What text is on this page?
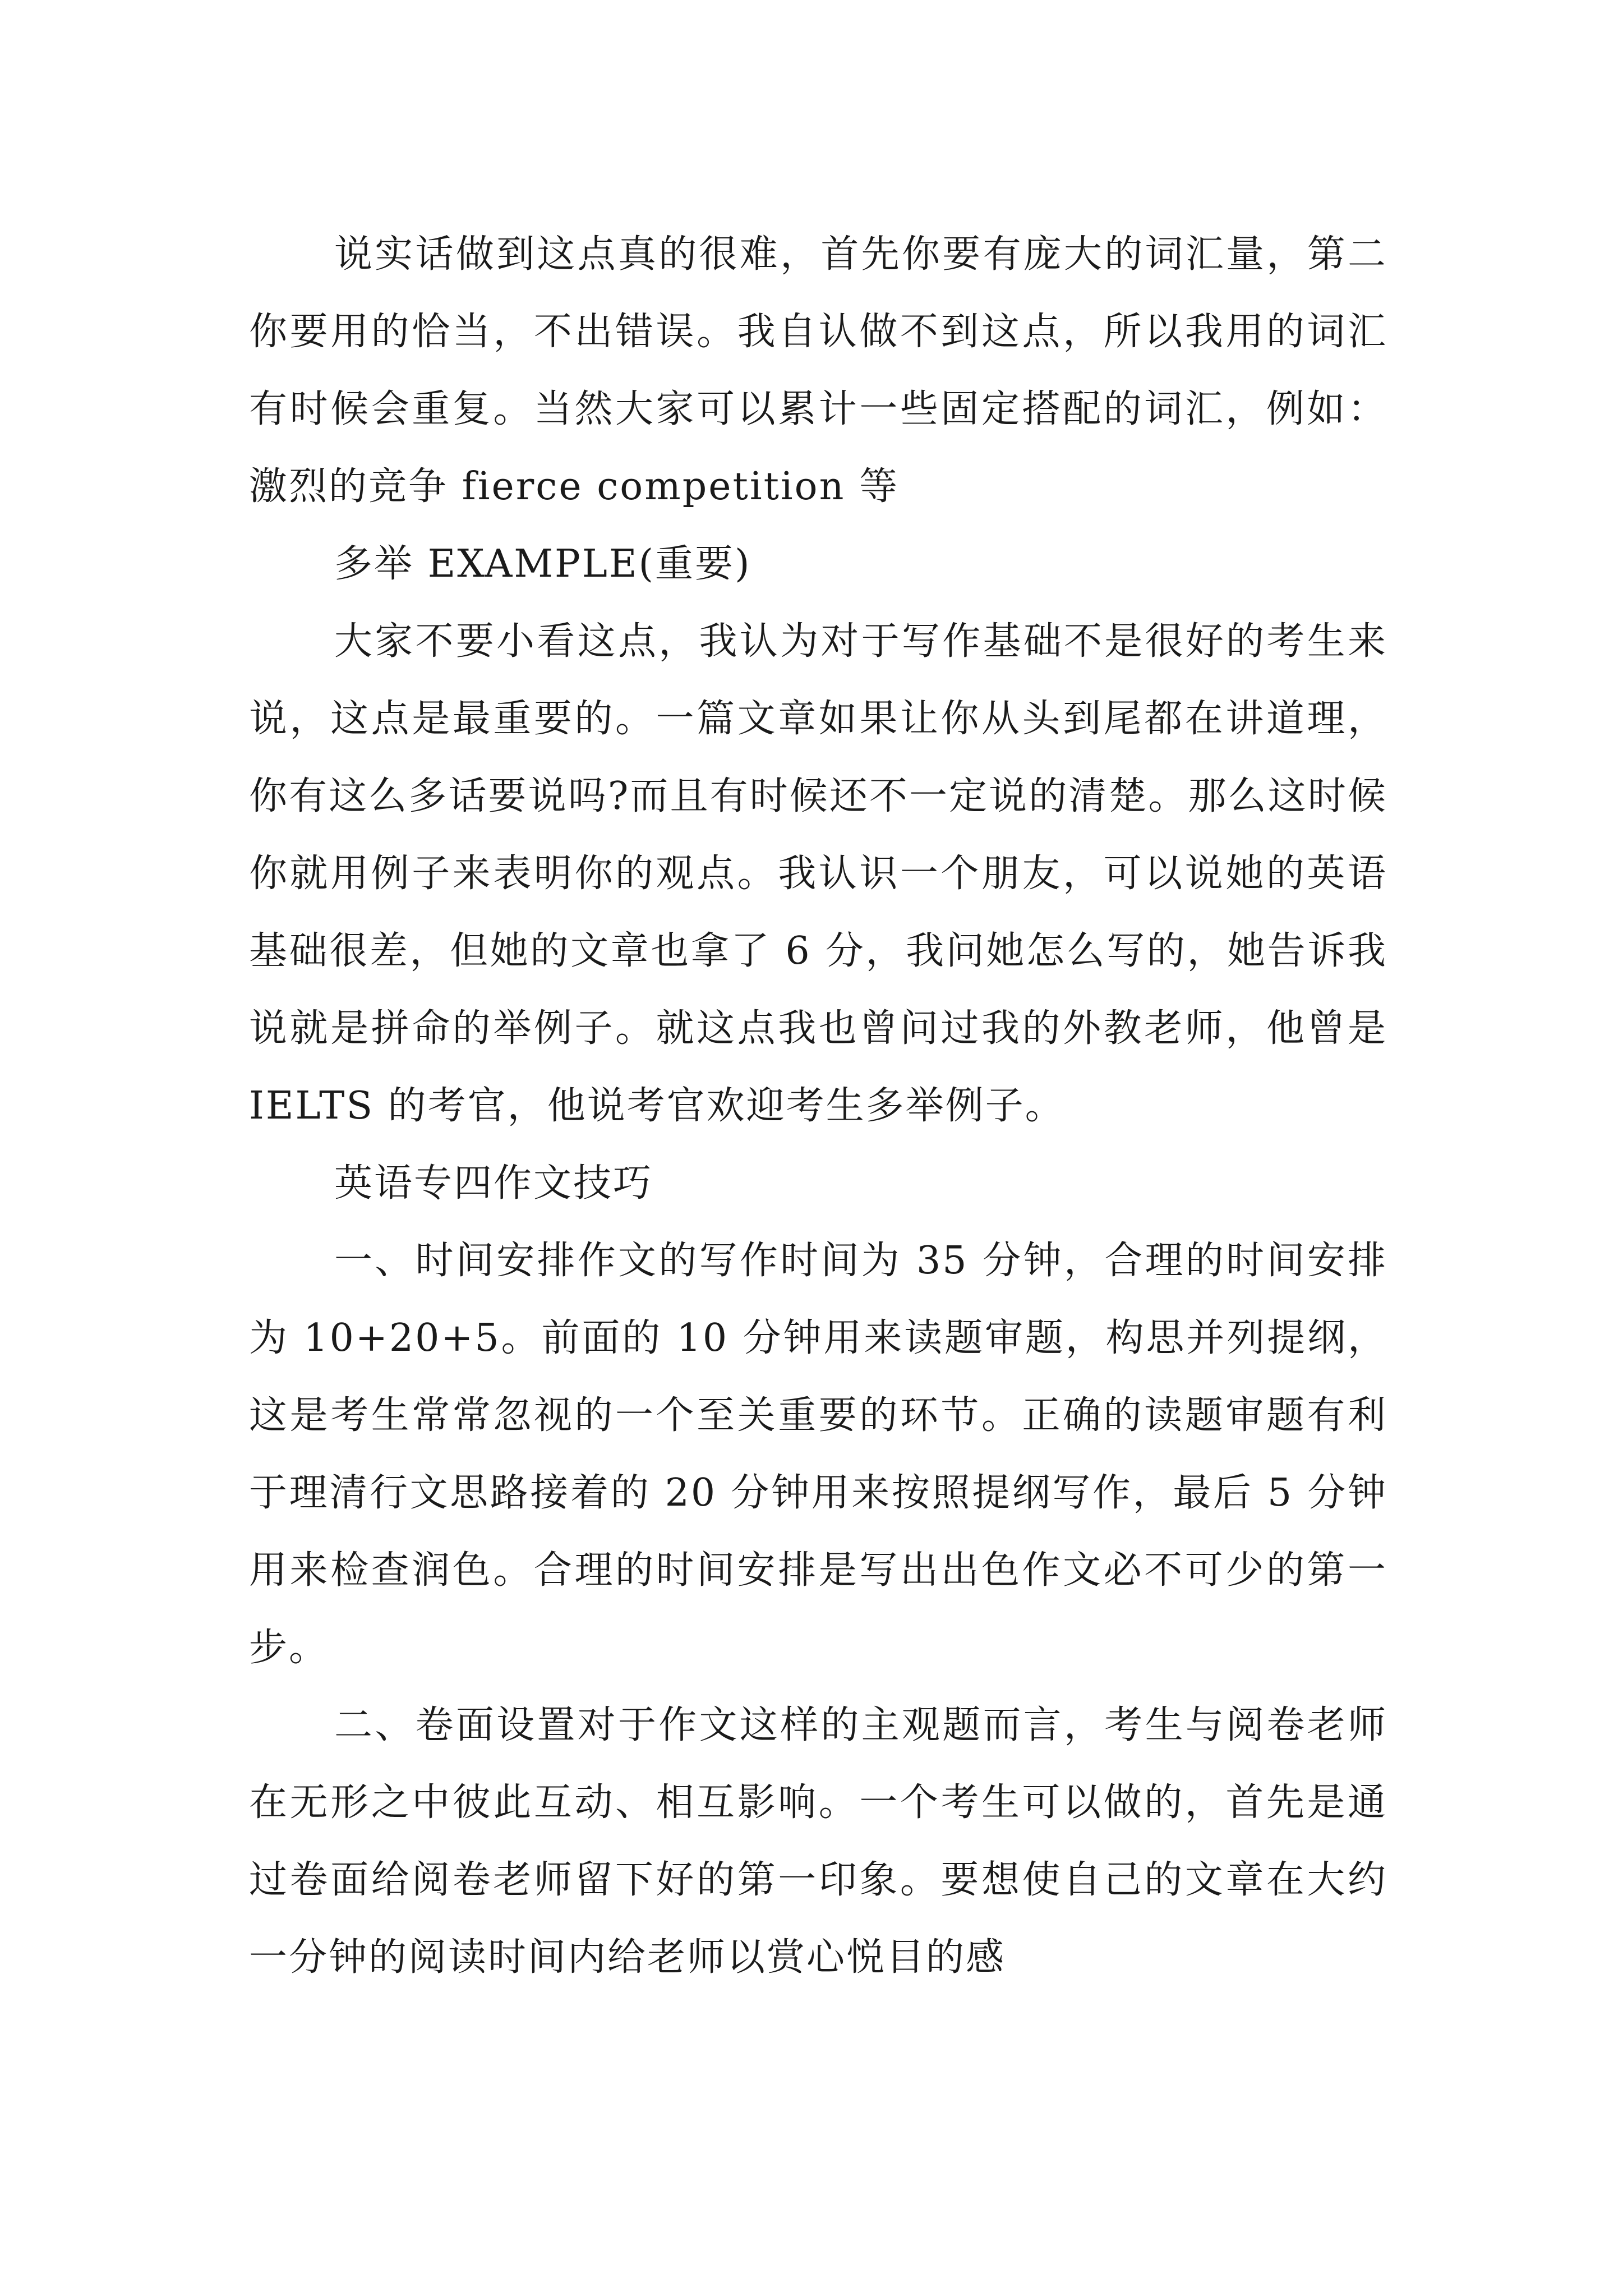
说实话做到这点真的很难，首先你要有庞大的词汇量，第二你要用的恰当，不出错误。我自认做不到这点，所以我用的词汇有时候会重复。当然大家可以累计一些固定搭配的词汇，例如：激烈的竞争 fierce competition 等

多举 EXAMPLE(重要)

大家不要小看这点，我认为对于写作基础不是很好的考生来说，这点是最重要的。一篇文章如果让你从头到尾都在讲道理，你有这么多话要说吗?而且有时候还不一定说的清楚。那么这时候你就用例子来表明你的观点。我认识一个朋友，可以说她的英语基础很差，但她的文章也拿了 6 分，我问她怎么写的，她告诉我说就是拼命的举例子。就这点我也曾问过我的外教老师，他曾是 IELTS 的考官，他说考官欢迎考生多举例子。

英语专四作文技巧

一、时间安排作文的写作时间为 35 分钟，合理的时间安排为 10+20+5。前面的 10 分钟用来读题审题，构思并列提纲，这是考生常常忽视的一个至关重要的环节。正确的读题审题有利于理清行文思路接着的 20 分钟用来按照提纲写作，最后 5 分钟用来检查润色。合理的时间安排是写出出色作文必不可少的第一步。

二、卷面设置对于作文这样的主观题而言，考生与阅卷老师在无形之中彼此互动、相互影响。一个考生可以做的，首先是通过卷面给阅卷老师留下好的第一印象。要想使自己的文章在大约一分钟的阅读时间内给老师以赏心悦目的感
